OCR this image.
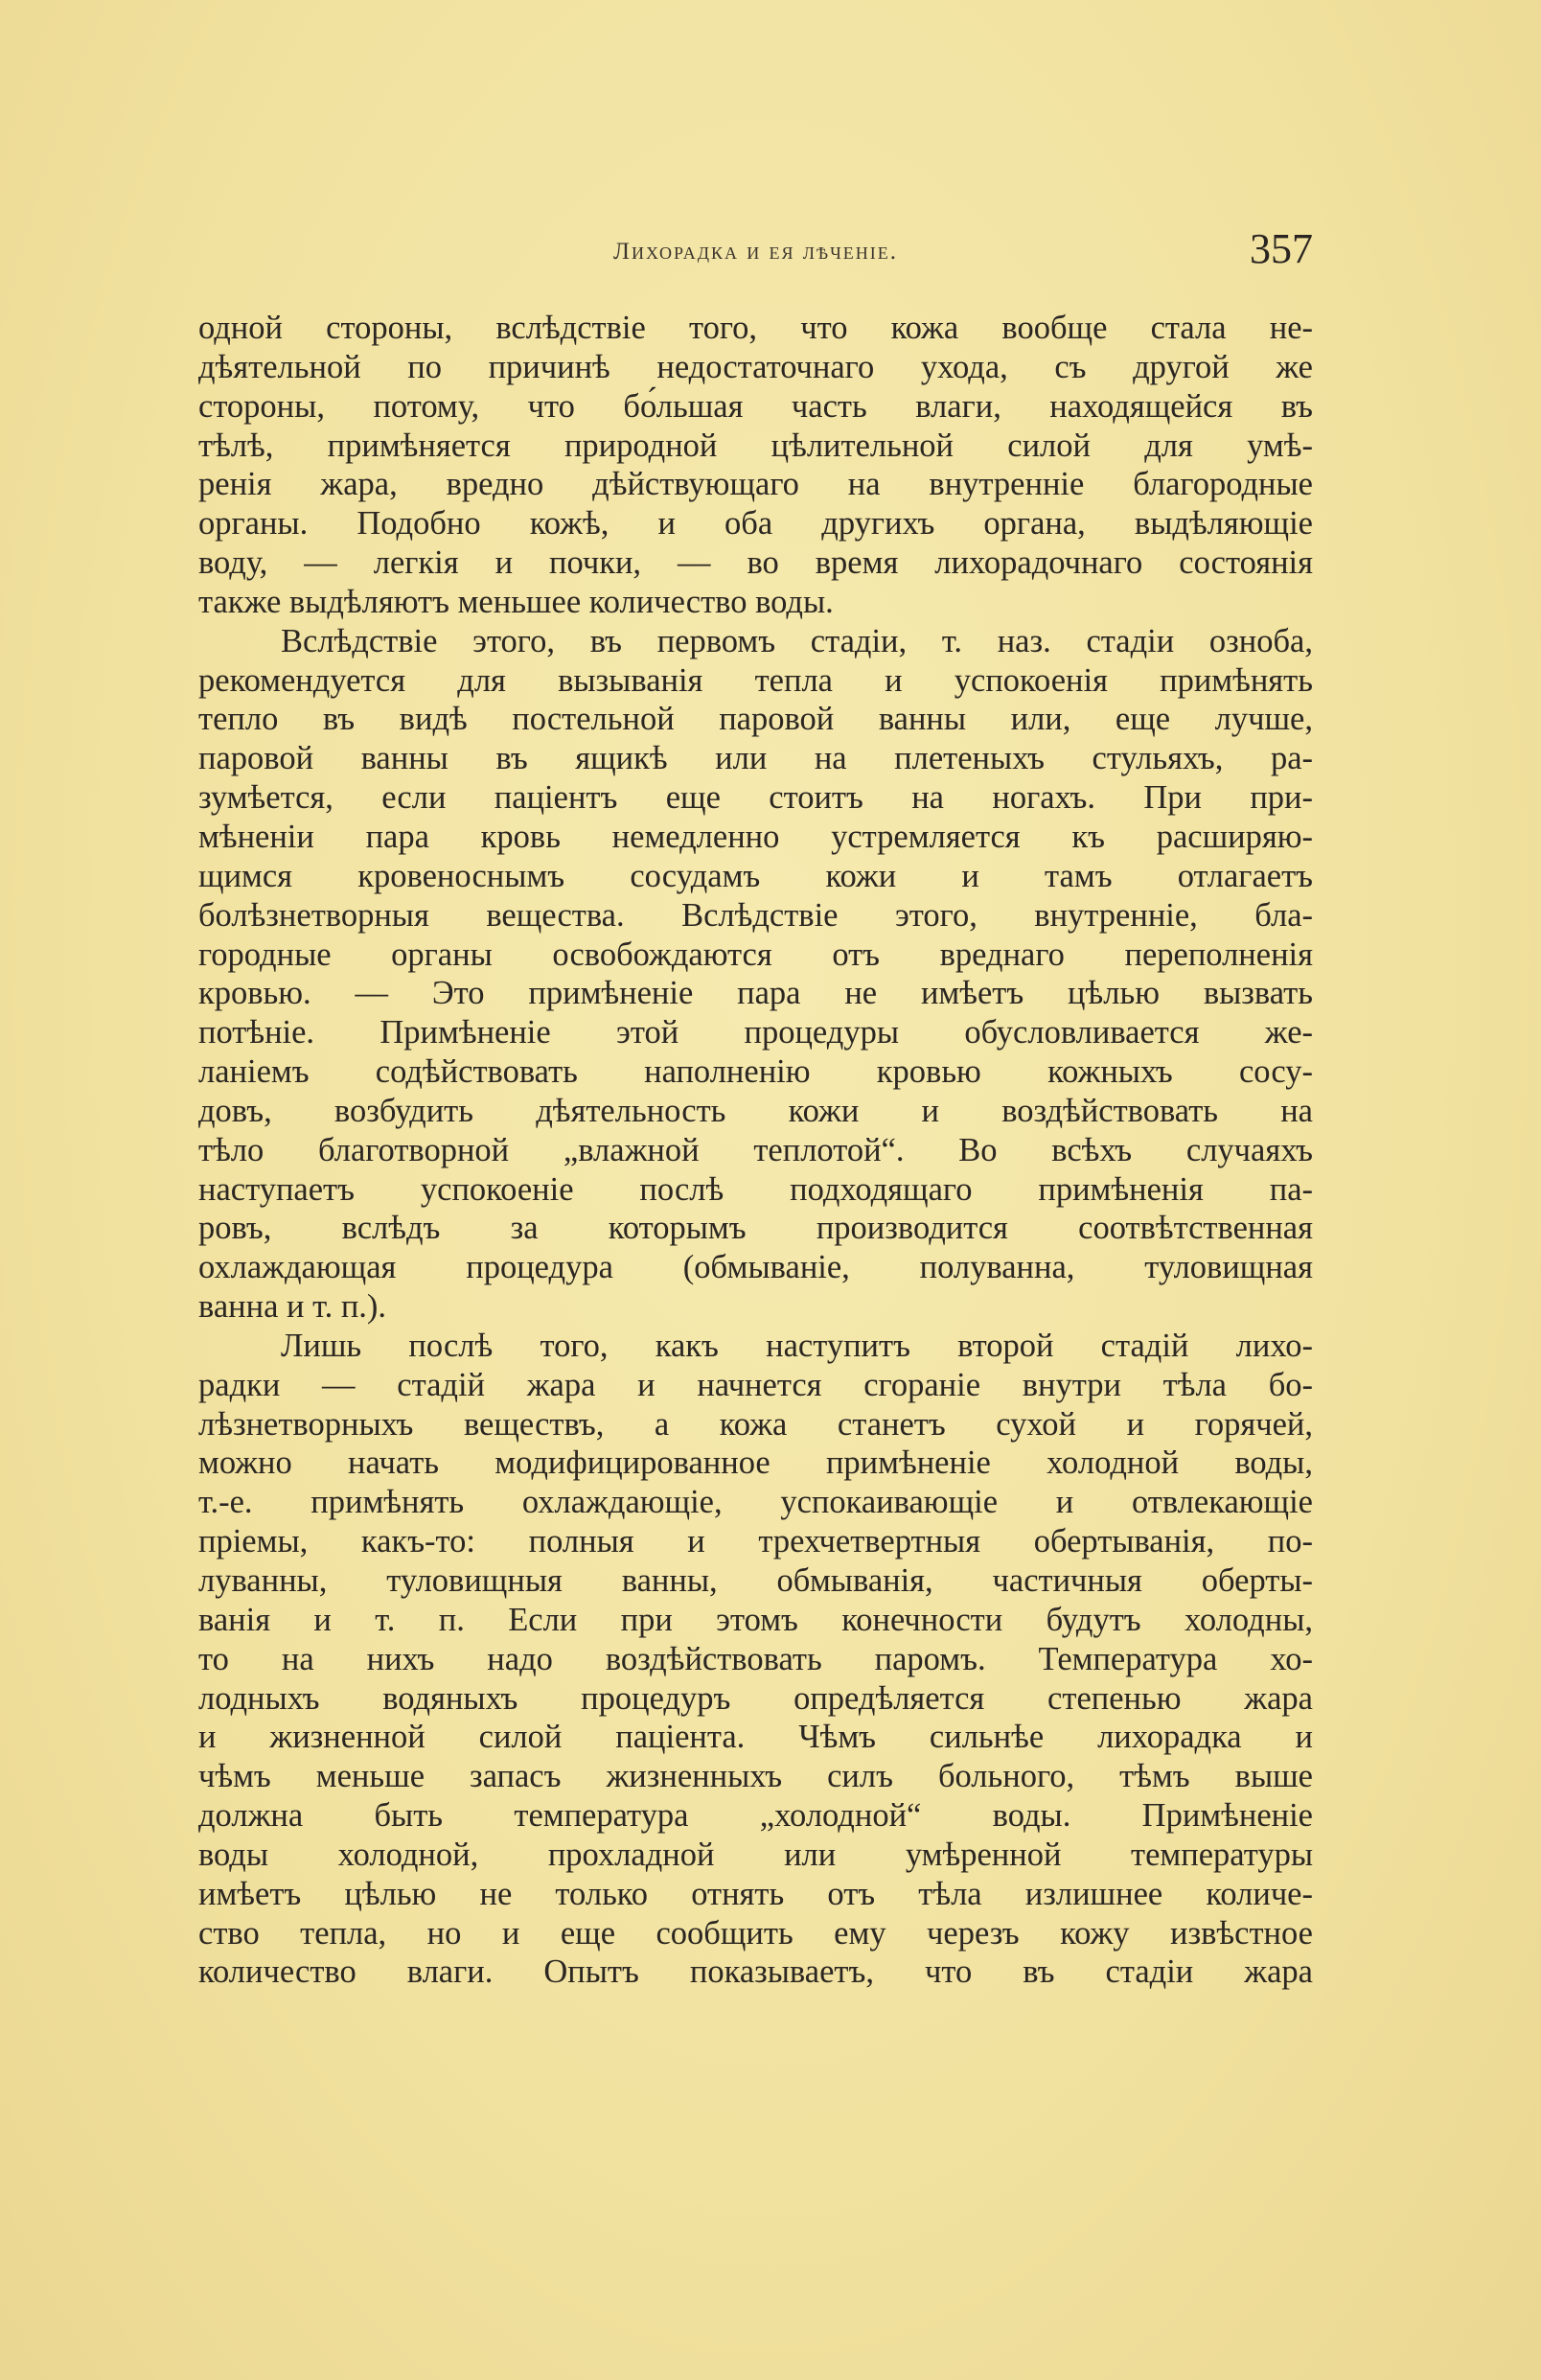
Лихорадка и ея лѣченіе.	357
одной стороны, вслѣдствіе того, что кожа вообще стала не-
дѣятельной по причинѣ недостаточнаго ухода, съ другой же
стороны, потому, что бо́льшая часть влаги, находящейся въ
тѣлѣ, примѣняется природной цѣлительной силой для умѣ-
ренія жара, вредно дѣйствующаго на внутренніе благородные
органы. Подобно кожѣ, и оба другихъ органа, выдѣляющіе
воду, — легкія и почки, — во время лихорадочнаго состоянія
также выдѣляютъ меньшее количество воды.
Вслѣдствіе этого, въ первомъ стадіи, т. наз. стадіи озноба,
рекомендуется для вызыванія тепла и успокоенія примѣнять
тепло въ видѣ постельной паровой ванны или, еще лучше,
паровой ванны въ ящикѣ или на плетеныхъ стульяхъ, ра-
зумѣется, если паціентъ еще стоитъ на ногахъ. При при-
мѣненіи пара кровь немедленно устремляется къ расширяю-
щимся кровеноснымъ сосудамъ кожи и тамъ отлагаетъ
болѣзнетворныя вещества. Вслѣдствіе этого, внутренніе, бла-
городные органы освобождаются отъ вреднаго переполненія
кровью. — Это примѣненіе пара не имѣетъ цѣлью вызвать
потѣніе. Примѣненіе этой процедуры обусловливается же-
ланіемъ содѣйствовать наполненію кровью кожныхъ сосу-
довъ, возбудить дѣятельность кожи и воздѣйствовать на
тѣло благотворной „влажной теплотой“. Во всѣхъ случаяхъ
наступаетъ успокоеніе послѣ подходящаго примѣненія па-
ровъ, вслѣдъ за которымъ производится соотвѣтственная
охлаждающая процедура (обмываніе, полуванна, туловищная
ванна и т. п.).
Лишь послѣ того, какъ наступитъ второй стадій лихо-
радки — стадій жара и начнется сгораніе внутри тѣла бо-
лѣзнетворныхъ веществъ, а кожа станетъ сухой и горячей,
можно начать модифицированное примѣненіе холодной воды,
т.-е. примѣнять охлаждающіе, успокаивающіе и отвлекающіе
пріемы, какъ-то: полныя и трехчетвертныя обертыванія, по-
луванны, туловищныя ванны, обмыванія, частичныя оберты-
ванія и т. п. Если при этомъ конечности будутъ холодны,
то на нихъ надо воздѣйствовать паромъ. Температура хо-
лодныхъ водяныхъ процедуръ опредѣляется степенью жара
и жизненной силой паціента. Чѣмъ сильнѣе лихорадка и
чѣмъ меньше запасъ жизненныхъ силъ больного, тѣмъ выше
должна быть температура „холодной“ воды. Примѣненіе
воды холодной, прохладной или умѣренной температуры
имѣетъ цѣлью не только отнять отъ тѣла излишнее количе-
ство тепла, но и еще сообщить ему черезъ кожу извѣстное
количество влаги. Опытъ показываетъ, что въ стадіи жара
